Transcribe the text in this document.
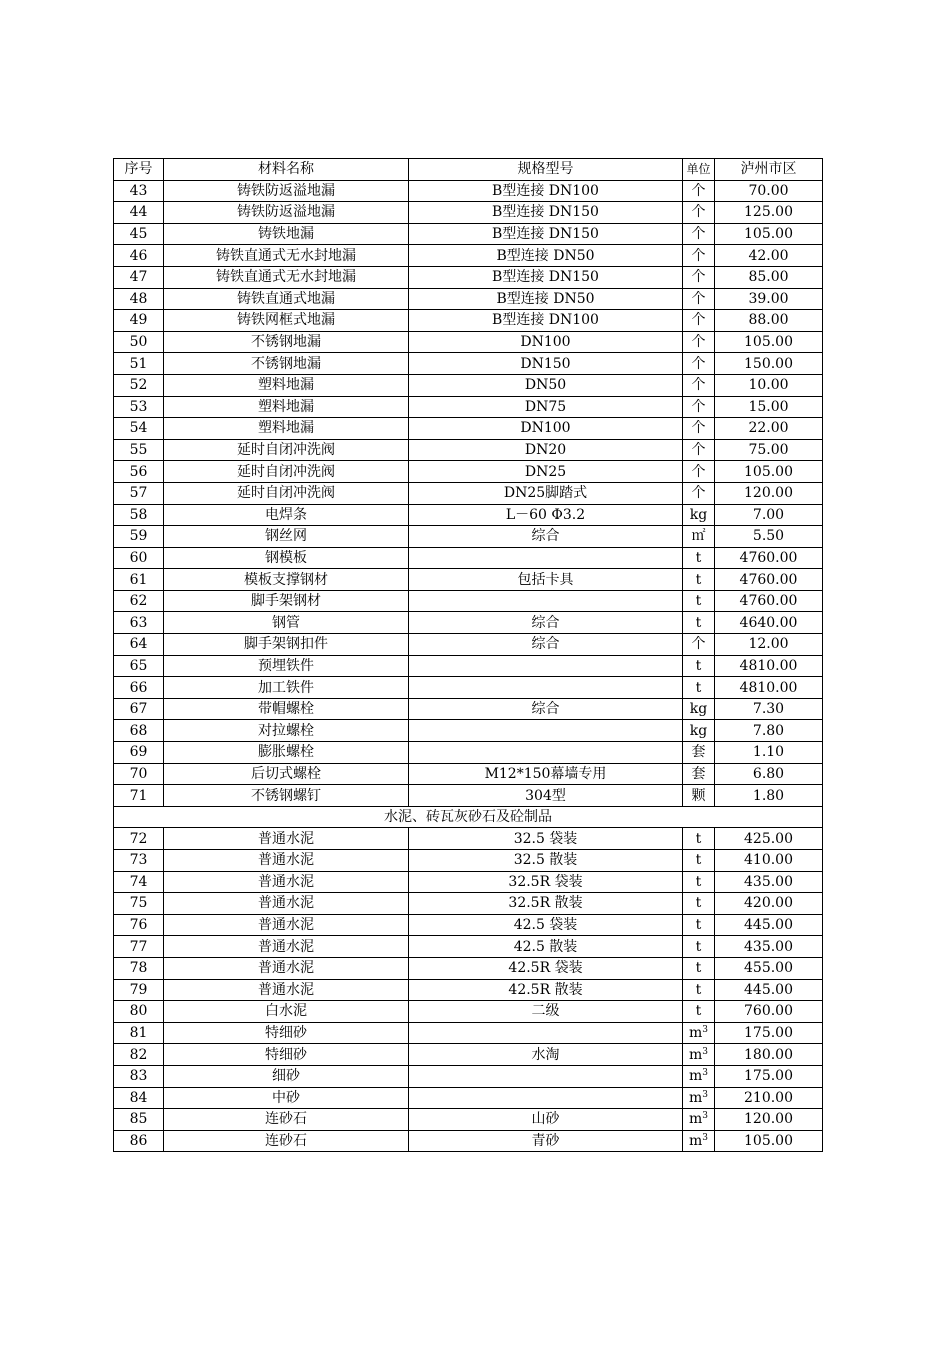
序号	材料名称	规格型号	单位	泸州市区
43	铸铁防返溢地漏	B型连接 DN100	个	70.00
44	铸铁防返溢地漏	B型连接 DN150	个	125.00
45	铸铁地漏	B型连接 DN150	个	105.00
46	铸铁直通式无水封地漏	B型连接 DN50	个	42.00
47	铸铁直通式无水封地漏	B型连接 DN150	个	85.00
48	铸铁直通式地漏	B型连接 DN50	个	39.00
49	铸铁网框式地漏	B型连接 DN100	个	88.00
50	不锈钢地漏	DN100	个	105.00
51	不锈钢地漏	DN150	个	150.00
52	塑料地漏	DN50	个	10.00
53	塑料地漏	DN75	个	15.00
54	塑料地漏	DN100	个	22.00
55	延时自闭冲洗阀	DN20	个	75.00
56	延时自闭冲洗阀	DN25	个	105.00
57	延时自闭冲洗阀	DN25脚踏式	个	120.00
58	电焊条	L－60 Φ3.2	kg	7.00
59	钢丝网	综合	㎡	5.50
60	钢模板		t	4760.00
61	模板支撑钢材	包括卡具	t	4760.00
62	脚手架钢材		t	4760.00
63	钢管	综合	t	4640.00
64	脚手架钢扣件	综合	个	12.00
65	预埋铁件		t	4810.00
66	加工铁件		t	4810.00
67	带帽螺栓	综合	kg	7.30
68	对拉螺栓		kg	7.80
69	膨胀螺栓		套	1.10
70	后切式螺栓	M12*150幕墙专用	套	6.80
71	不锈钢螺钉	304型	颗	1.80
水泥、砖瓦灰砂石及砼制品				
72	普通水泥	32.5 袋装	t	425.00
73	普通水泥	32.5 散装	t	410.00
74	普通水泥	32.5R 袋装	t	435.00
75	普通水泥	32.5R 散装	t	420.00
76	普通水泥	42.5 袋装	t	445.00
77	普通水泥	42.5 散装	t	435.00
78	普通水泥	42.5R 袋装	t	455.00
79	普通水泥	42.5R 散装	t	445.00
80	白水泥	二级	t	760.00
81	特细砂		$m^3$	175.00
82	特细砂	水淘	$m^3$	180.00
83	细砂		$m^3$	175.00
84	中砂		$m^3$	210.00
85	连砂石	山砂	$m^3$	120.00
86	连砂石	青砂	$m^3$	105.00
